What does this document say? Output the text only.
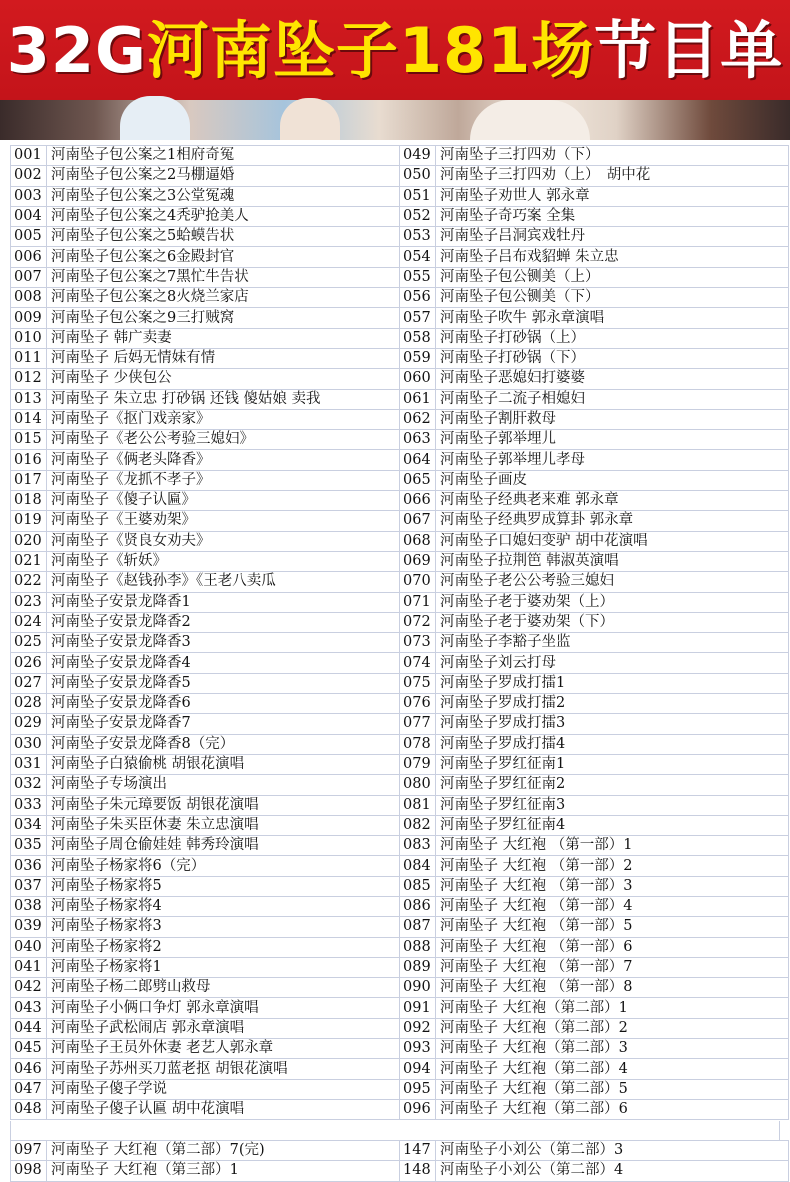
32G河南坠子181场节目单
001	河南坠子包公案之1相府奇冤	049	河南坠子三打四劝（下）
002	河南坠子包公案之2马棚逼婚	050	河南坠子三打四劝（上）　胡中花
003	河南坠子包公案之3公堂冤魂	051	河南坠子劝世人 郭永章
004	河南坠子包公案之4秃驴抢美人	052	河南坠子奇巧案 全集
005	河南坠子包公案之5蛤蟆告状	053	河南坠子吕洞宾戏牡丹
006	河南坠子包公案之6金殿封官	054	河南坠子吕布戏貂蝉 朱立忠
007	河南坠子包公案之7黑忙牛告状	055	河南坠子包公铡美（上）
008	河南坠子包公案之8火烧兰家店	056	河南坠子包公铡美（下）
009	河南坠子包公案之9三打贼窝	057	河南坠子吹牛 郭永章演唱
010	河南坠子 韩广卖妻	058	河南坠子打砂锅（上）
011	河南坠子 后妈无情妹有情	059	河南坠子打砂锅（下）
012	河南坠子 少侠包公	060	河南坠子恶媳妇打婆婆
013	河南坠子 朱立忠 打砂锅 还钱 傻姑娘 卖我	061	河南坠子二流子相媳妇
014	河南坠子《抠门戏亲家》	062	河南坠子割肝救母
015	河南坠子《老公公考验三媳妇》	063	河南坠子郭举埋儿
016	河南坠子《俩老头降香》	064	河南坠子郭举埋儿孝母
017	河南坠子《龙抓不孝子》	065	河南坠子画皮
018	河南坠子《傻子认匾》	066	河南坠子经典老来难 郭永章
019	河南坠子《王婆劝架》	067	河南坠子经典罗成算卦 郭永章
020	河南坠子《贤良女劝夫》	068	河南坠子口媳妇变驴 胡中花演唱
021	河南坠子《斩妖》	069	河南坠子拉荆笆 韩淑英演唱
022	河南坠子《赵钱孙李》《王老八卖瓜	070	河南坠子老公公考验三媳妇
023	河南坠子安景龙降香1	071	河南坠子老于婆劝架（上）
024	河南坠子安景龙降香2	072	河南坠子老于婆劝架（下）
025	河南坠子安景龙降香3	073	河南坠子李豁子坐监
026	河南坠子安景龙降香4	074	河南坠子刘云打母
027	河南坠子安景龙降香5	075	河南坠子罗成打擂1
028	河南坠子安景龙降香6	076	河南坠子罗成打擂2
029	河南坠子安景龙降香7	077	河南坠子罗成打擂3
030	河南坠子安景龙降香8（完）	078	河南坠子罗成打擂4
031	河南坠子白猿偷桃 胡银花演唱	079	河南坠子罗红征南1
032	河南坠子专场演出	080	河南坠子罗红征南2
033	河南坠子朱元璋要饭 胡银花演唱	081	河南坠子罗红征南3
034	河南坠子朱买臣休妻 朱立忠演唱	082	河南坠子罗红征南4
035	河南坠子周仓偷娃娃 韩秀玲演唱	083	河南坠子 大红袍 （第一部）1
036	河南坠子杨家将6（完）	084	河南坠子 大红袍 （第一部）2
037	河南坠子杨家将5	085	河南坠子 大红袍 （第一部）3
038	河南坠子杨家将4	086	河南坠子 大红袍 （第一部）4
039	河南坠子杨家将3	087	河南坠子 大红袍 （第一部）5
040	河南坠子杨家将2	088	河南坠子 大红袍 （第一部）6
041	河南坠子杨家将1	089	河南坠子 大红袍 （第一部）7
042	河南坠子杨二郎劈山救母	090	河南坠子 大红袍 （第一部）8
043	河南坠子小俩口争灯 郭永章演唱	091	河南坠子 大红袍（第二部）1
044	河南坠子武松闹店 郭永章演唱	092	河南坠子 大红袍（第二部）2
045	河南坠子王员外休妻 老艺人郭永章	093	河南坠子 大红袍（第二部）3
046	河南坠子苏州买刀蓝老抠 胡银花演唱	094	河南坠子 大红袍（第二部）4
047	河南坠子傻子学说	095	河南坠子 大红袍（第二部）5
048	河南坠子傻子认匾 胡中花演唱	096	河南坠子 大红袍（第二部）6
097	河南坠子 大红袍（第二部）7(完)	147	河南坠子小刘公（第二部）3
098	河南坠子 大红袍（第三部）1	148	河南坠子小刘公（第二部）4
